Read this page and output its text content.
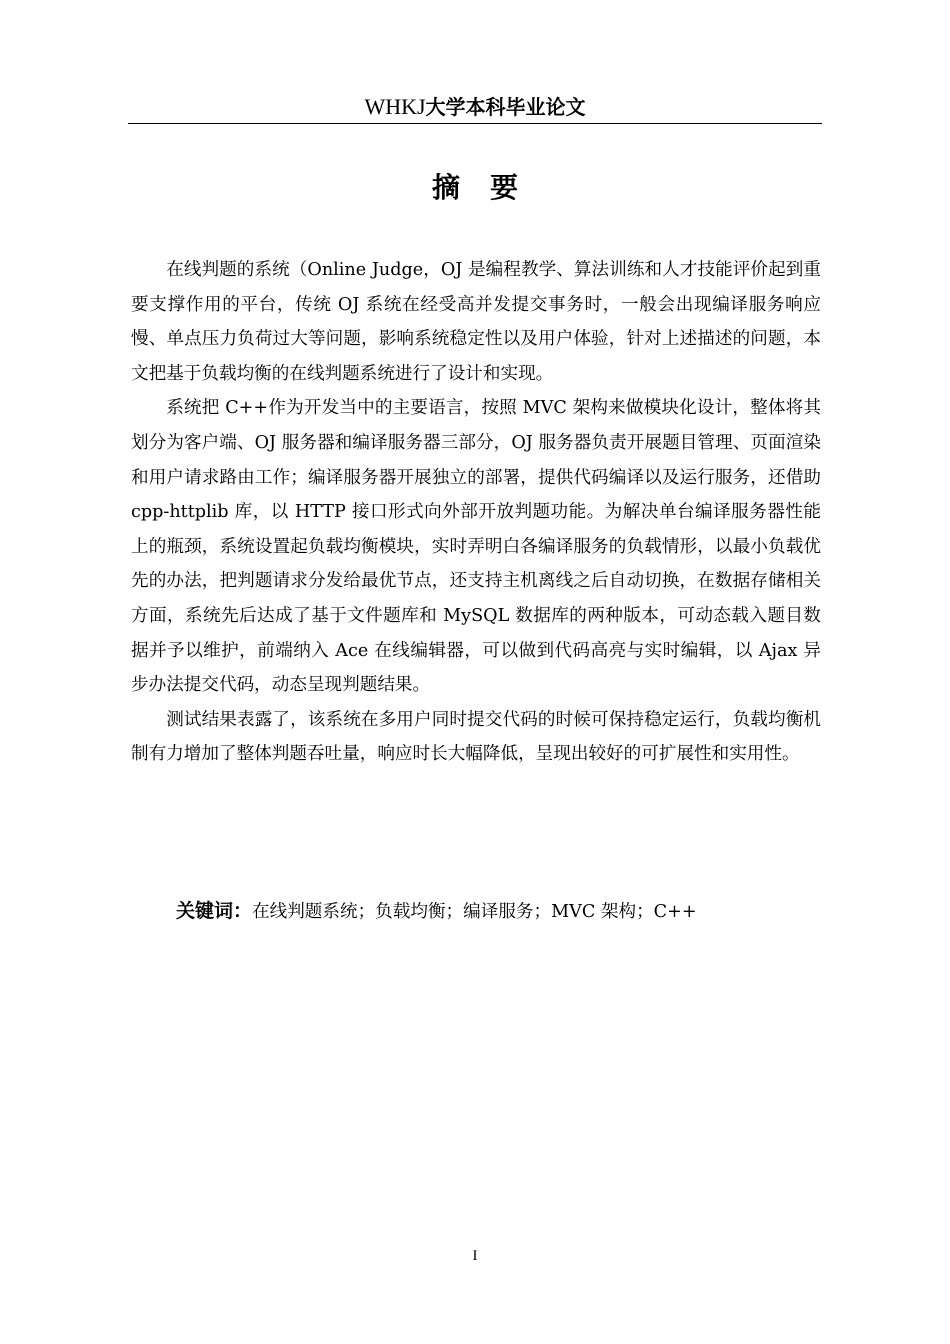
WHKJ大学本科毕业论文
摘要

在线判题的系统（Online Judge，OJ 是编程教学、算法训练和人才技能评价起到重要支撑作用的平台，传统 OJ 系统在经受高并发提交事务时，一般会出现编译服务响应慢、单点压力负荷过大等问题，影响系统稳定性以及用户体验，针对上述描述的问题，本文把基于负载均衡的在线判题系统进行了设计和实现。

系统把 C++作为开发当中的主要语言，按照 MVC 架构来做模块化设计，整体将其划分为客户端、OJ 服务器和编译服务器三部分，OJ 服务器负责开展题目管理、页面渲染和用户请求路由工作；编译服务器开展独立的部署，提供代码编译以及运行服务，还借助 cpp-httplib 库，以 HTTP 接口形式向外部开放判题功能。为解决单台编译服务器性能上的瓶颈，系统设置起负载均衡模块，实时弄明白各编译服务的负载情形，以最小负载优先的办法，把判题请求分发给最优节点，还支持主机离线之后自动切换，在数据存储相关方面，系统先后达成了基于文件题库和 MySQL 数据库的两种版本，可动态载入题目数据并予以维护，前端纳入 Ace 在线编辑器，可以做到代码高亮与实时编辑，以 Ajax 异步办法提交代码，动态呈现判题结果。

测试结果表露了，该系统在多用户同时提交代码的时候可保持稳定运行，负载均衡机制有力增加了整体判题吞吐量，响应时长大幅降低，呈现出较好的可扩展性和实用性。

关键词：在线判题系统；负载均衡；编译服务；MVC 架构；C++
I
